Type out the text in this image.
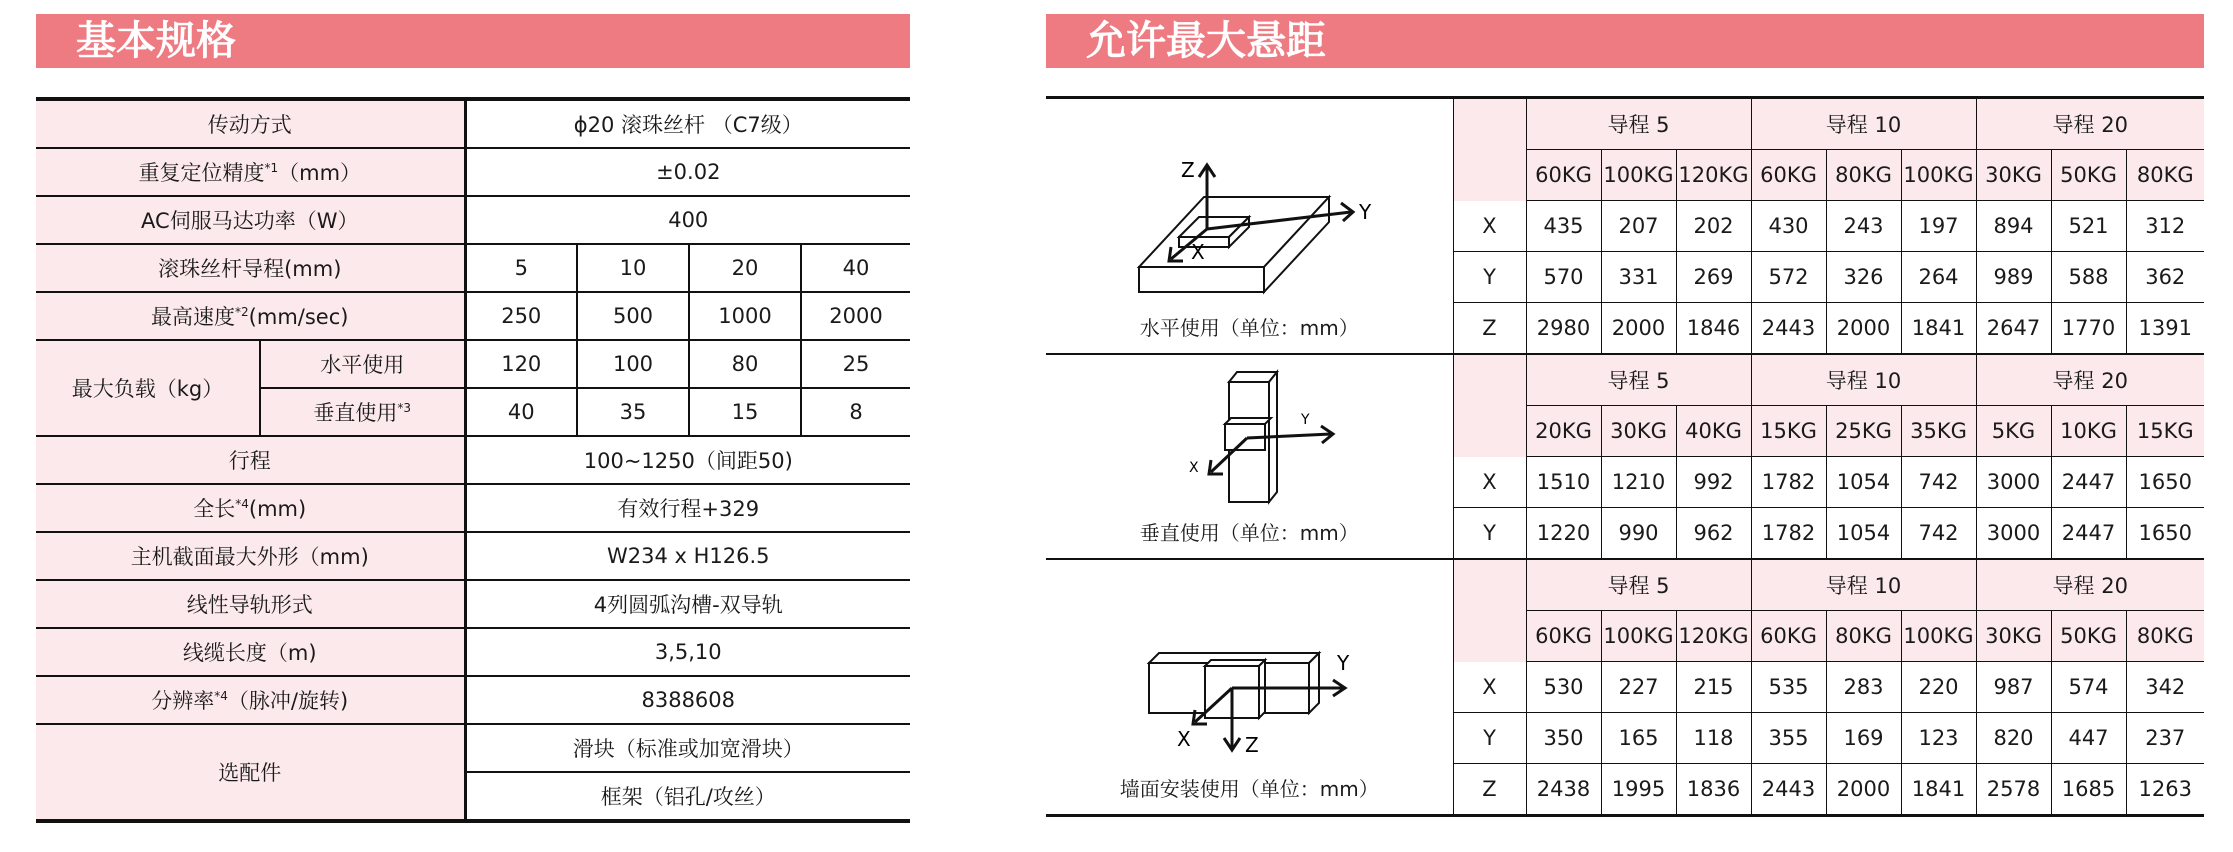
基本规格	允许最大悬距
传动方式		ϕ20 滚珠丝杆 （C7级）			
重复定位精度$^{*1}$（mm）		±0.02			
AC伺服马达功率（W）		400			
滚珠丝杆导程(mm)		5	10	20	40
最高速度$^{*2}$(mm/sec)		250	500	1000	2000
最大负载（kg）	水平使用	120	100	80	25
	垂直使用$^{*3}$	40	35	15	8
行程		100~1250（间距50)			
全长$^{*4}$(mm)		有效行程+329			
主机截面最大外形（mm)		W234 x H126.5			
线性导轨形式		4列圆弧沟槽-双导轨			
线缆长度（m)		3,5,10			
分辨率$^{*4}$（脉冲/旋转)		8388608			
选配件		滑块（标准或加宽滑块）			
		框架（铝孔/攻丝）			
Z
Y
X
水平使用（单位：mm）		导程 5			导程 10			导程 20		
		60KG	100KG	120KG	60KG	80KG	100KG	30KG	50KG	80KG
	X	435	207	202	430	243	197	894	521	312
	Y	570	331	269	572	326	264	989	588	362
	Z	2980	2000	1846	2443	2000	1841	2647	1770	1391

Y
X
垂直使用（单位：mm）		导程 5			导程 10			导程 20		
		20KG	30KG	40KG	15KG	25KG	35KG	5KG	10KG	15KG
	X	1510	1210	992	1782	1054	742	3000	2447	1650
	Y	1220	990	962	1782	1054	742	3000	2447	1650

Y
X Z
墙面安装使用（单位：mm）		导程 5			导程 10			导程 20		
		60KG	100KG	120KG	60KG	80KG	100KG	30KG	50KG	80KG
	X	530	227	215	535	283	220	987	574	342
	Y	350	165	118	355	169	123	820	447	237
	Z	2438	1995	1836	2443	2000	1841	2578	1685	1263
